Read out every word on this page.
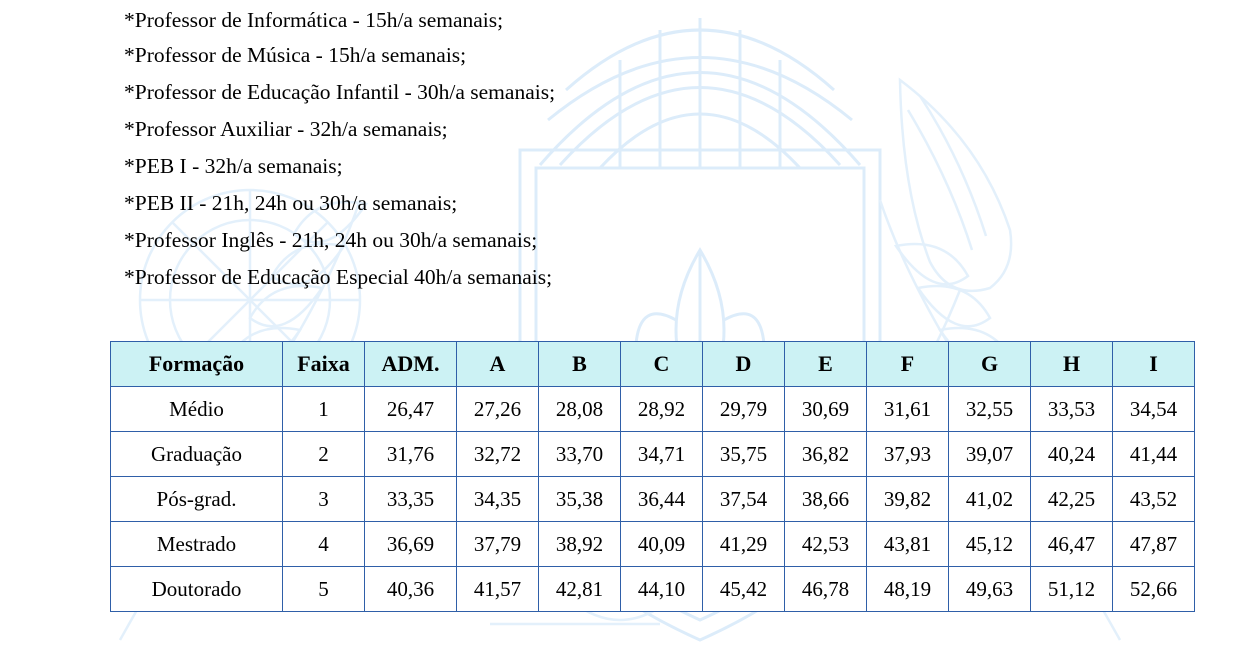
*Professor de Informática - 15h/a semanais;
*Professor de Música - 15h/a semanais;
*Professor de Educação Infantil - 30h/a semanais;
*Professor Auxiliar - 32h/a semanais;
*PEB I - 32h/a semanais;
*PEB II - 21h, 24h ou 30h/a semanais;
*Professor Inglês - 21h, 24h ou 30h/a semanais;
*Professor de Educação Especial 40h/a semanais;
Formação	Faixa	ADM.	A	B	C	D	E	F	G	H	I
Médio	1	26,47	27,26	28,08	28,92	29,79	30,69	31,61	32,55	33,53	34,54
Graduação	2	31,76	32,72	33,70	34,71	35,75	36,82	37,93	39,07	40,24	41,44
Pós-grad.	3	33,35	34,35	35,38	36,44	37,54	38,66	39,82	41,02	42,25	43,52
Mestrado	4	36,69	37,79	38,92	40,09	41,29	42,53	43,81	45,12	46,47	47,87
Doutorado	5	40,36	41,57	42,81	44,10	45,42	46,78	48,19	49,63	51,12	52,66
